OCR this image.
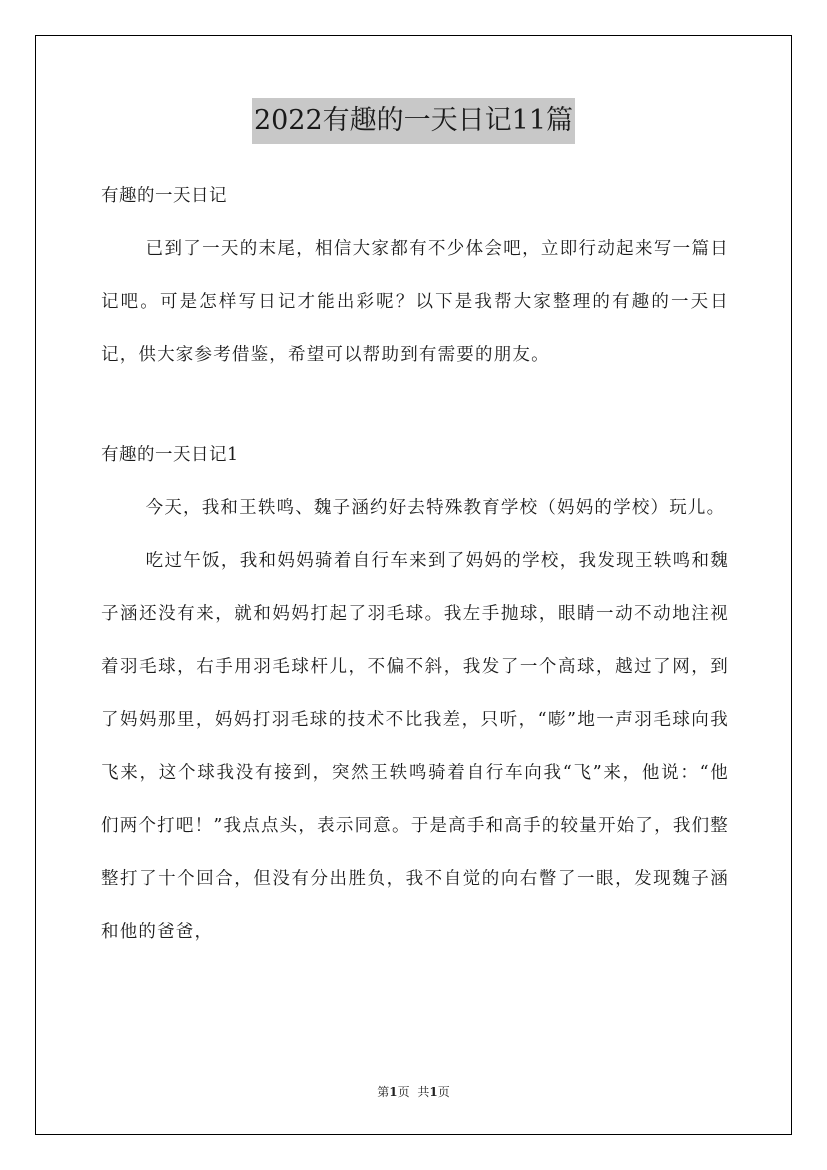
2022有趣的一天日记11篇

有趣的一天日记

已到了一天的末尾，相信大家都有不少体会吧，立即行动起来写一篇日记吧。可是怎样写日记才能出彩呢？以下是我帮大家整理的有趣的一天日记，供大家参考借鉴，希望可以帮助到有需要的朋友。

有趣的一天日记1

今天，我和王轶鸣、魏子涵约好去特殊教育学校（妈妈的学校）玩儿。

吃过午饭，我和妈妈骑着自行车来到了妈妈的学校，我发现王轶鸣和魏子涵还没有来，就和妈妈打起了羽毛球。我左手抛球，眼睛一动不动地注视着羽毛球，右手用羽毛球杆儿，不偏不斜，我发了一个高球，越过了网，到了妈妈那里，妈妈打羽毛球的技术不比我差，只听，“嘭”地一声羽毛球向我飞来，这个球我没有接到，突然王轶鸣骑着自行车向我“飞”来，他说：“他们两个打吧！”我点点头，表示同意。于是高手和高手的较量开始了，我们整整打了十个回合，但没有分出胜负，我不自觉的向右瞥了一眼，发现魏子涵和他的爸爸，

第1页 共1页
